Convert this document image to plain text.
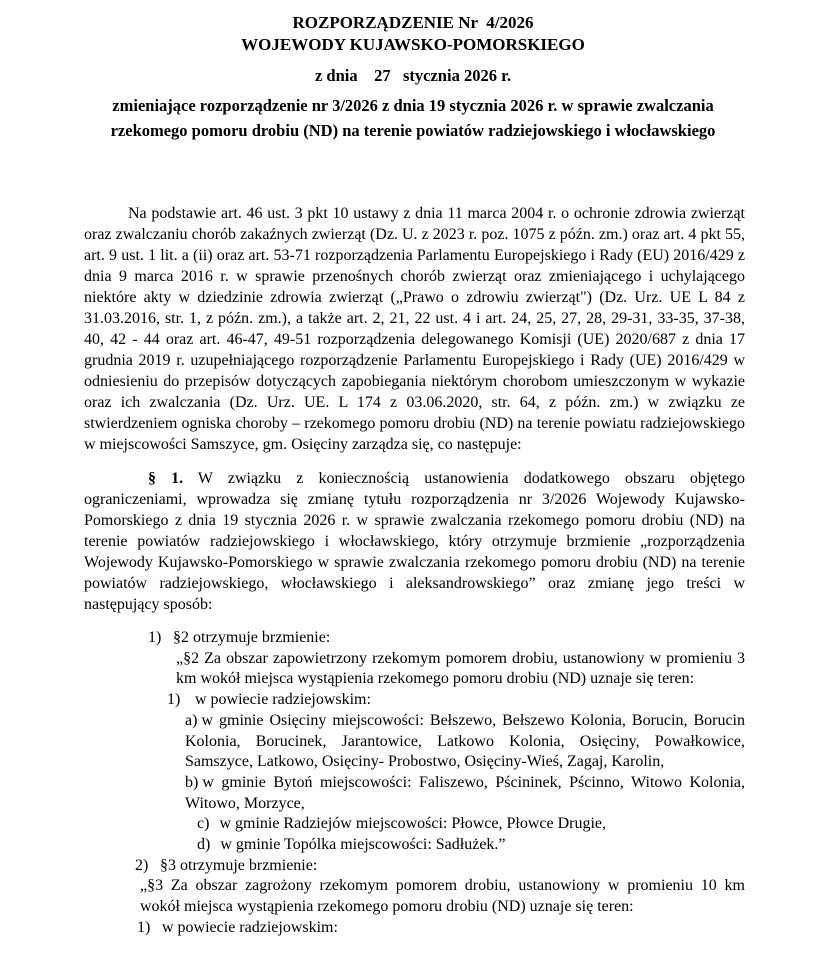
ROZPORZĄDZENIE Nr  4/2026
WOJEWODY KUJAWSKO-POMORSKIEGO
z dnia    27   stycznia 2026 r.
zmieniające rozporządzenie nr 3/2026 z dnia 19 stycznia 2026 r. w sprawie zwalczania
rzekomego pomoru drobiu (ND) na terenie powiatów radziejowskiego i włocławskiego

Na podstawie art. 46 ust. 3 pkt 10 ustawy z dnia 11 marca 2004 r. o ochronie zdrowia zwierząt oraz zwalczaniu chorób zakaźnych zwierząt (Dz. U. z 2023 r. poz. 1075 z późn. zm.) oraz art. 4 pkt 55, art. 9 ust. 1 lit. a (ii) oraz art. 53-71 rozporządzenia Parlamentu Europejskiego i Rady (EU) 2016/429 z dnia 9 marca 2016 r. w sprawie przenośnych chorób zwierząt oraz zmieniającego i uchylającego niektóre akty w dziedzinie zdrowia zwierząt („Prawo o zdrowiu zwierząt") (Dz. Urz. UE L 84 z 31.03.2016, str. 1, z późn. zm.), a także art. 2, 21, 22 ust. 4 i art. 24, 25, 27, 28, 29-31, 33-35, 37-38, 40, 42 - 44 oraz art. 46-47, 49-51 rozporządzenia delegowanego Komisji (UE) 2020/687 z dnia 17 grudnia 2019 r. uzupełniającego rozporządzenie Parlamentu Europejskiego i Rady (UE) 2016/429 w odniesieniu do przepisów dotyczących zapobiegania niektórym chorobom umieszczonym w wykazie oraz ich zwalczania (Dz. Urz. UE. L 174 z 03.06.2020, str. 64, z późn. zm.) w związku ze stwierdzeniem ogniska choroby – rzekomego pomoru drobiu (ND) na terenie powiatu radziejowskiego w miejscowości Samszyce, gm. Osięciny zarządza się, co następuje:

§ 1. W związku z koniecznością ustanowienia dodatkowego obszaru objętego ograniczeniami, wprowadza się zmianę tytułu rozporządzenia nr 3/2026 Wojewody Kujawsko-Pomorskiego z dnia 19 stycznia 2026 r. w sprawie zwalczania rzekomego pomoru drobiu (ND) na terenie powiatów radziejowskiego i włocławskiego, który otrzymuje brzmienie „rozporządzenia Wojewody Kujawsko-Pomorskiego w sprawie zwalczania rzekomego pomoru drobiu (ND) na terenie powiatów radziejowskiego, włocławskiego i aleksandrowskiego” oraz zmianę jego treści w następujący sposób:

1) §2 otrzymuje brzmienie:
„§2 Za obszar zapowietrzony rzekomym pomorem drobiu, ustanowiony w promieniu 3 km wokół miejsca wystąpienia rzekomego pomoru drobiu (ND) uznaje się teren:
1) w powiecie radziejowskim:
a) w gminie Osięciny miejscowości: Bełszewo, Bełszewo Kolonia, Borucin, Borucin Kolonia, Borucinek, Jarantowice, Latkowo Kolonia, Osięciny, Powałkowice, Samszyce, Latkowo, Osięciny- Probostwo, Osięciny-Wieś, Zagaj, Karolin,
b) w gminie Bytoń miejscowości: Faliszewo, Pścininek, Pścinno, Witowo Kolonia, Witowo, Morzyce,
c) w gminie Radziejów miejscowości: Płowce, Płowce Drugie,
d) w gminie Topólka miejscowości: Sadłużek.”
2) §3 otrzymuje brzmienie:
„§3 Za obszar zagrożony rzekomym pomorem drobiu, ustanowiony w promieniu 10 km wokół miejsca wystąpienia rzekomego pomoru drobiu (ND) uznaje się teren:
1) w powiecie radziejowskim:
